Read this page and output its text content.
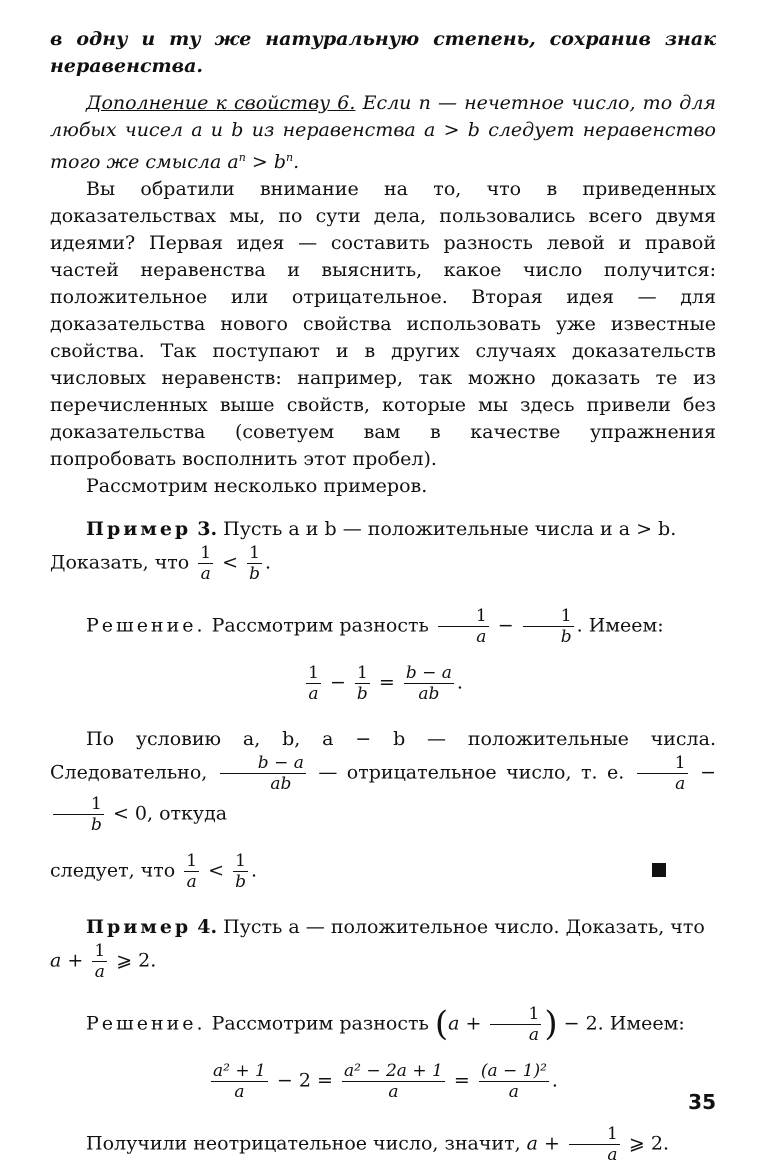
в одну и ту же натуральную степень, сохранив знак неравенства.

Дополнение к свойству 6. Если n — нечетное число, то для любых чисел a и b из неравенства a > b следует неравенство того же смысла $a^n > b^n$.

Вы обратили внимание на то, что в приведенных доказательствах мы, по сути дела, пользовались всего двумя идеями? Первая идея — составить разность левой и правой частей неравенства и выяснить, какое число получится: положительное или отрицательное. Вторая идея — для доказательства нового свойства использовать уже известные свойства. Так поступают и в других случаях доказательств числовых неравенств: например, так можно доказать те из перечисленных выше свойств, которые мы здесь привели без доказательства (советуем вам в качестве упражнения попробовать восполнить этот пробел).

Рассмотрим несколько примеров.

Пример 3. Пусть a и b — положительные числа и a > b.

Доказать, что $\frac{1}{a} < \frac{1}{b}$ .

Решение. Рассмотрим разность $\frac{1}{a} - \frac{1}{b}$ . Имеем:

$\frac{1}{a} - \frac{1}{b} = \frac{b - a}{ab}$ .

По условию a, b, a − b — положительные числа. Следовательно, $\frac{b - a}{ab}$ — отрицательное число, т. е. $\frac{1}{a}$ −
$\frac{1}{b} < 0$, откуда

следует, что $\frac{1}{a} < \frac{1}{b}$ .

Пример 4. Пусть a — положительное число. Доказать, что

$a + \frac{1}{a}$ ⩾ 2.

Решение. Рассмотрим разность ($a + \frac{1}{a}$ ) − 2. Имеем:

$\frac{\text{a² + 1}}{a} - 2 = \frac{\text{a² − 2a + 1}}{a} = \frac{\text{(a − 1)²}}{a}$ .

Получили неотрицательное число, значит, $a + \frac{1}{a}$ ⩾ 2.

35
